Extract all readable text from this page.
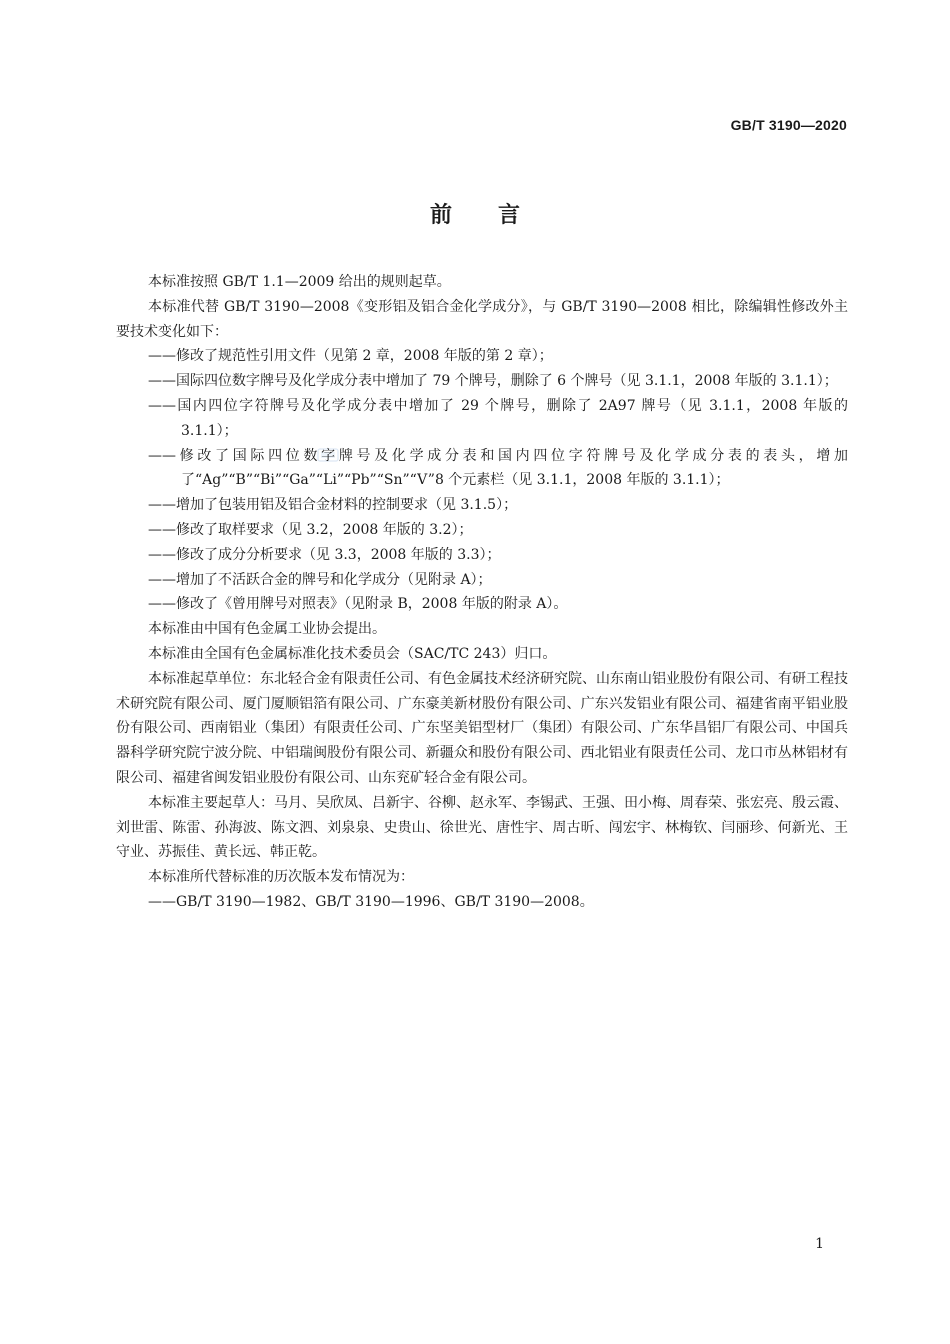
GB/T 3190—2020
前言

本标准按照 GB/T 1.1—2009 给出的规则起草。

本标准代替 GB/T 3190—2008《变形铝及铝合金化学成分》，与 GB/T 3190—2008 相比，除编辑性修改外主要技术变化如下：

——修改了规范性引用文件（见第 2 章，2008 年版的第 2 章）；

——国际四位数字牌号及化学成分表中增加了 79 个牌号，删除了 6 个牌号（见 3.1.1，2008 年版的 3.1.1）；

——国内四位字符牌号及化学成分表中增加了 29 个牌号，删除了 2A97 牌号（见 3.1.1，2008 年版的 3.1.1）；

——修改了国际四位数字牌号及化学成分表和国内四位字符牌号及化学成分表的表头，增加了“Ag”“B”“Bi”“Ga”“Li”“Pb”“Sn”“V”8 个元素栏（见 3.1.1，2008 年版的 3.1.1）；

——增加了包装用铝及铝合金材料的控制要求（见 3.1.5）；

——修改了取样要求（见 3.2，2008 年版的 3.2）；

——修改了成分分析要求（见 3.3，2008 年版的 3.3）；

——增加了不活跃合金的牌号和化学成分（见附录 A）；

——修改了《曾用牌号对照表》（见附录 B，2008 年版的附录 A）。

本标准由中国有色金属工业协会提出。

本标准由全国有色金属标准化技术委员会（SAC/TC 243）归口。

本标准起草单位：东北轻合金有限责任公司、有色金属技术经济研究院、山东南山铝业股份有限公司、有研工程技术研究院有限公司、厦门厦顺铝箔有限公司、广东豪美新材股份有限公司、广东兴发铝业有限公司、福建省南平铝业股份有限公司、西南铝业（集团）有限责任公司、广东坚美铝型材厂（集团）有限公司、广东华昌铝厂有限公司、中国兵器科学研究院宁波分院、中铝瑞闽股份有限公司、新疆众和股份有限公司、西北铝业有限责任公司、龙口市丛林铝材有限公司、福建省闽发铝业股份有限公司、山东兖矿轻合金有限公司。

本标准主要起草人：马月、吴欣凤、吕新宇、谷柳、赵永军、李锡武、王强、田小梅、周春荣、张宏亮、殷云霞、刘世雷、陈雷、孙海波、陈文泗、刘泉泉、史贵山、徐世光、唐性宇、周古昕、闯宏宇、林梅钦、闫丽珍、何新光、王守业、苏振佳、黄长远、韩正乾。

本标准所代替标准的历次版本发布情况为：

——GB/T 3190—1982、GB/T 3190—1996、GB/T 3190—2008。

1
